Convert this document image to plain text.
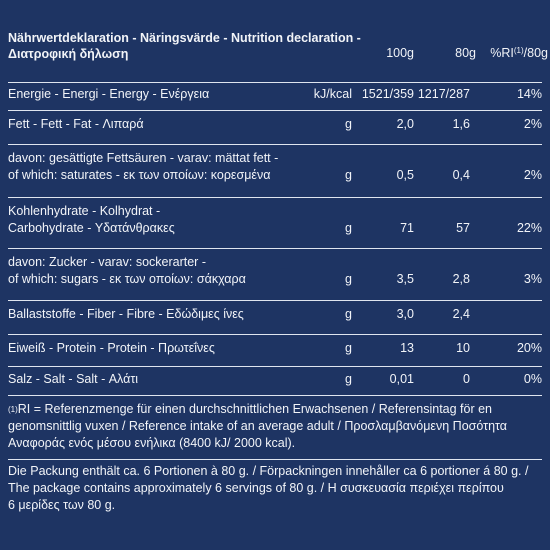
Nährwertdeklaration - Näringsvärde - Nutrition declaration -
Διατροφική δήλωση	100g	80g %RI$^{(1)}$/80g
Energie - Energi - Energy - Ενέργεια	kJ/kcal 1521/359 1217/287	14%
Fett - Fett - Fat - Λιπαρά	g	2,0	1,6	2%
davon: gesättigte Fettsäuren - varav: mättat fett -
of which: saturates - εκ των οποίων: κορεσμένα	g	0,5	0,4	2%
Kohlenhydrate - Kolhydrat -
Carbohydrate - Υδατάνθρακες	g	71	57	22%
davon: Zucker - varav: sockerarter -
of which: sugars - εκ των οποίων: σάκχαρα	g	3,5	2,8	3%
Ballaststoffe - Fiber - Fibre - Εδώδιμες ίνες	g	3,0	2,4
Eiweiß - Protein - Protein - Πρωτεΐνες	g	13	10	20%
Salz - Salt - Salt - Αλάτι	g	0,01	0	0%
$^{(1)}$RI = Referenzmenge für einen durchschnittlichen Erwachsenen / Referensintag för en
genomsnittlig vuxen / Reference intake of an average adult / Προσλαμβανόμενη Ποσότητα
Αναφοράς ενός μέσου ενήλικα (8400 kJ/ 2000 kcal).
Die Packung enthält ca. 6 Portionen à 80 g. / Förpackningen innehåller ca 6 portioner á 80 g. /
The package contains approximately 6 servings of 80 g. / Η συσκευασία περιέχει περίπου
6 μερίδες των 80 g.
